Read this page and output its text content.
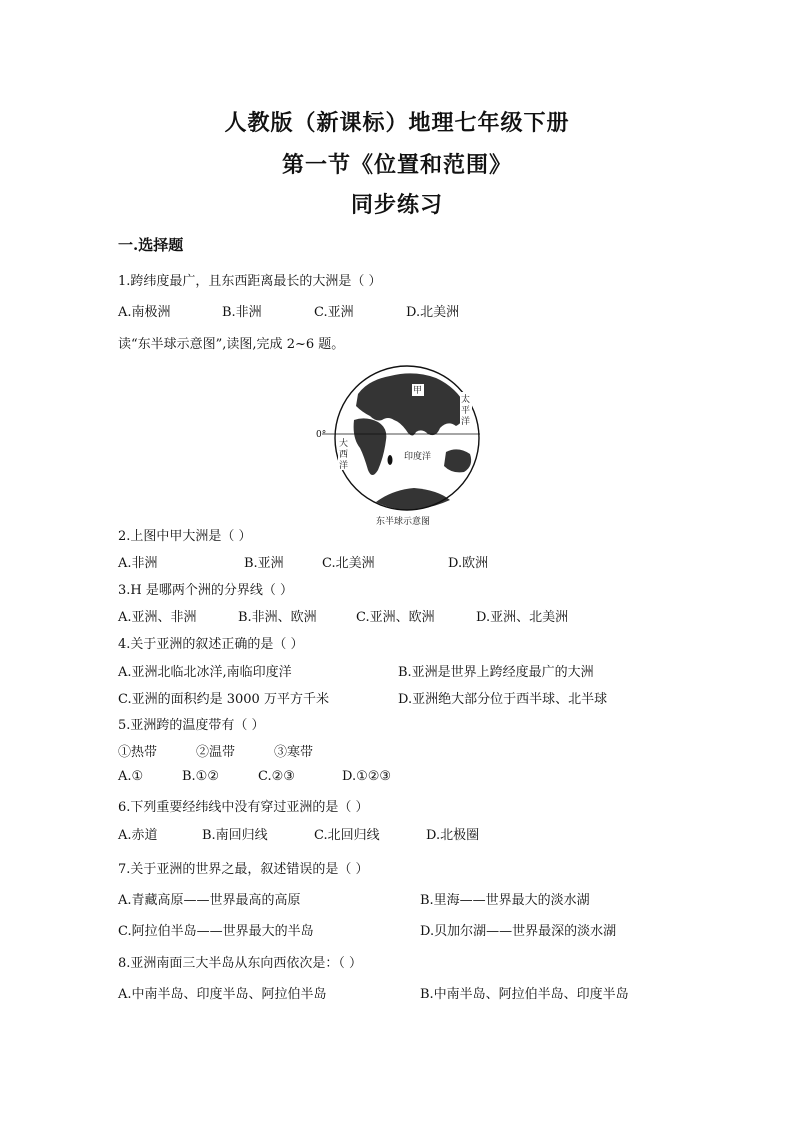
人教版（新课标）地理七年级下册
第一节《位置和范围》
同步练习
一.选择题
1.跨纬度最广，且东西距离最长的大洲是（ ）
A.南极洲	B.非洲	C.亚洲	D.北美洲
读“东半球示意图”,读图,完成 2~6 题。
甲
印度洋
0°
大
西
洋
太
平
洋
东半球示意图
2.上图中甲大洲是（ ）
A.非洲	B.亚洲	C.北美洲	D.欧洲
3.H 是哪两个洲的分界线（ ）
A.亚洲、非洲	B.非洲、欧洲	C.亚洲、欧洲	D.亚洲、北美洲
4.关于亚洲的叙述正确的是（ ）
A.亚洲北临北冰洋,南临印度洋	B.亚洲是世界上跨经度最广的大洲
C.亚洲的面积约是 3000 万平方千米	D.亚洲绝大部分位于西半球、北半球
5.亚洲跨的温度带有（ ）
①热带	②温带	③寒带
A.①	B.①②	C.②③	D.①②③
6.下列重要经纬线中没有穿过亚洲的是（ ）
A.赤道	B.南回归线	C.北回归线	D.北极圈
7.关于亚洲的世界之最，叙述错误的是（ ）
A.青藏高原——世界最高的高原	B.里海——世界最大的淡水湖
C.阿拉伯半岛——世界最大的半岛	D.贝加尔湖——世界最深的淡水湖
8.亚洲南面三大半岛从东向西依次是：（ ）
A.中南半岛、印度半岛、阿拉伯半岛	B.中南半岛、阿拉伯半岛、印度半岛
